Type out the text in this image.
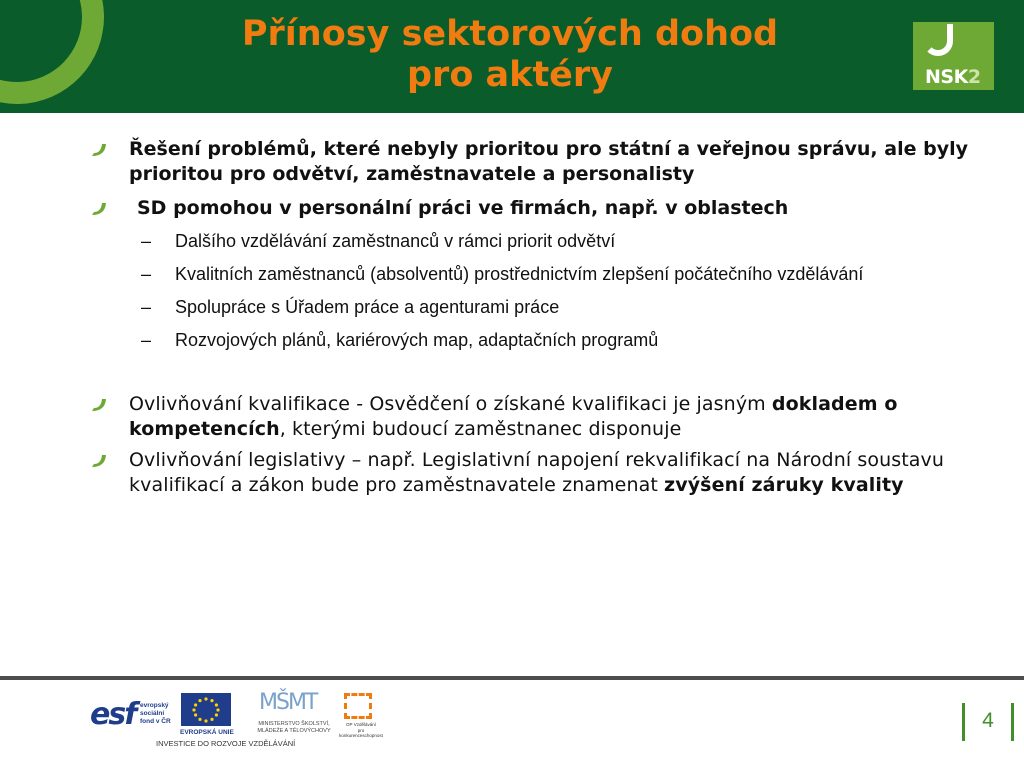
Přínosy sektorových dohod
pro aktéry	NSK2
Řešení problémů, které nebyly prioritou pro státní a veřejnou správu, ale byly prioritou pro odvětví, zaměstnavatele a personalisty
SD pomohou v personální práci ve firmách, např. v oblastech
– Dalšího vzdělávání zaměstnanců v rámci priorit odvětví
– Kvalitních zaměstnanců (absolventů) prostřednictvím zlepšení počátečního vzdělávání
– Spolupráce s Úřadem práce a agenturami práce
– Rozvojových plánů, kariérových map, adaptačních programů
Ovlivňování kvalifikace - Osvědčení o získané kvalifikaci je jasným dokladem o kompetencích, kterými budoucí zaměstnanec disponuje
Ovlivňování legislativy – např. Legislativní napojení rekvalifikací na Národní soustavu kvalifikací a zákon bude pro zaměstnavatele znamenat zvýšení záruky kvality
esf evropský
sociální
fond v ČR
EVROPSKÁ UNIE
MŠMT
MINISTERSTVO ŠKOLSTVÍ,
MLÁDEŽE A TĚLOVÝCHOVY
OP Vzdělávání
pro konkurenceschopnost
INVESTICE DO ROZVOJE VZDĚLÁVÁNÍ
4
